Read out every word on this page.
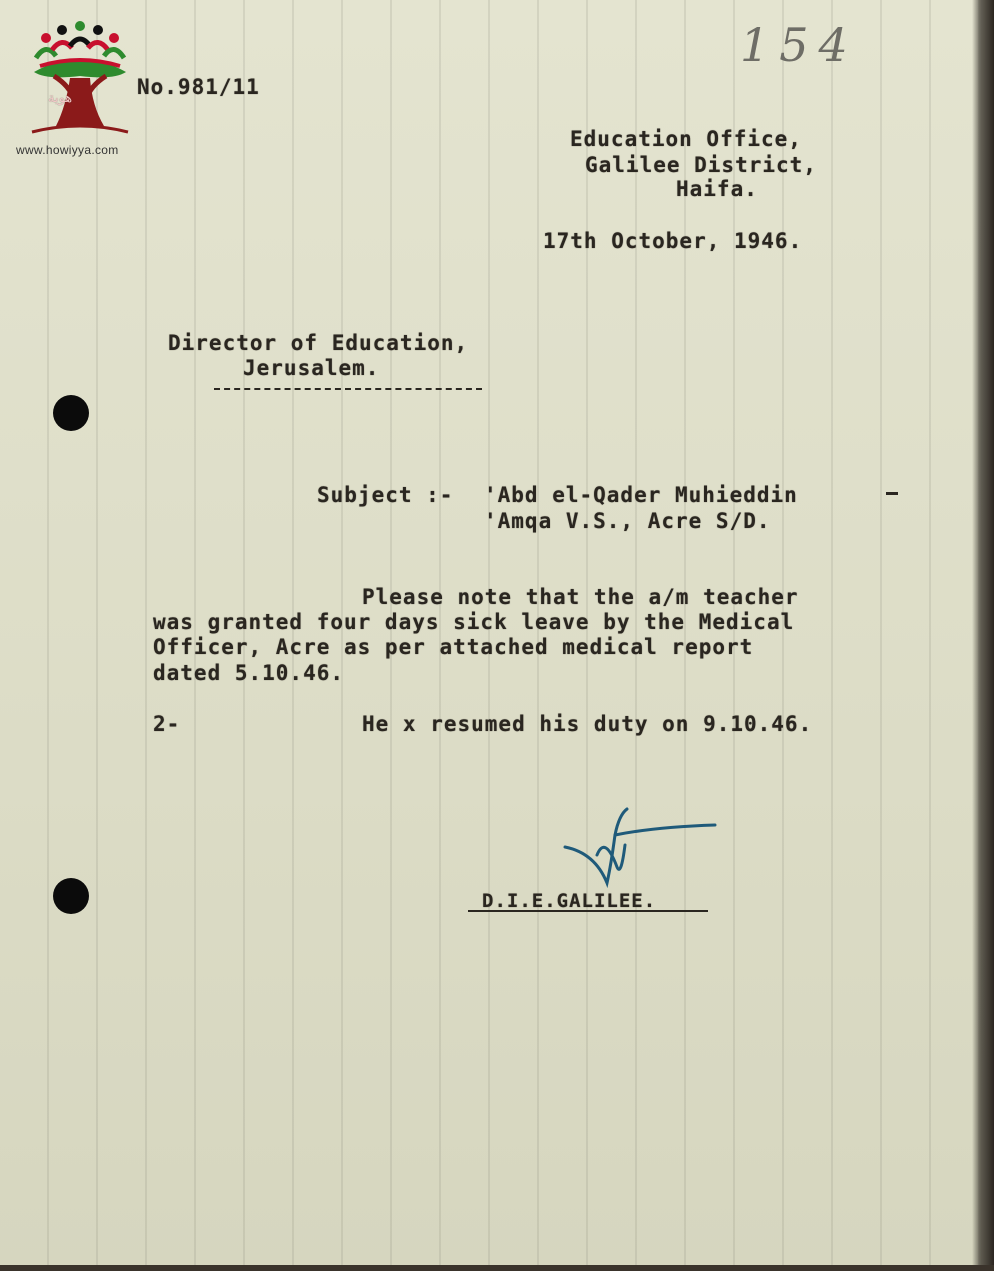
هوية
www.howiyya.com
154
No.981/11
Education Office,
Galilee District,
Haifa.
17th October, 1946.
Director of Education,
Jerusalem.
Subject :- 'Abd el-Qader Muhieddin
'Amqa V.S., Acre S/D.
Please note that the a/m teacher
was granted four days sick leave by the Medical
Officer, Acre as per attached medical report
dated 5.10.46.
2-	He x resumed his duty on 9.10.46.
D.I.E.GALILEE.
